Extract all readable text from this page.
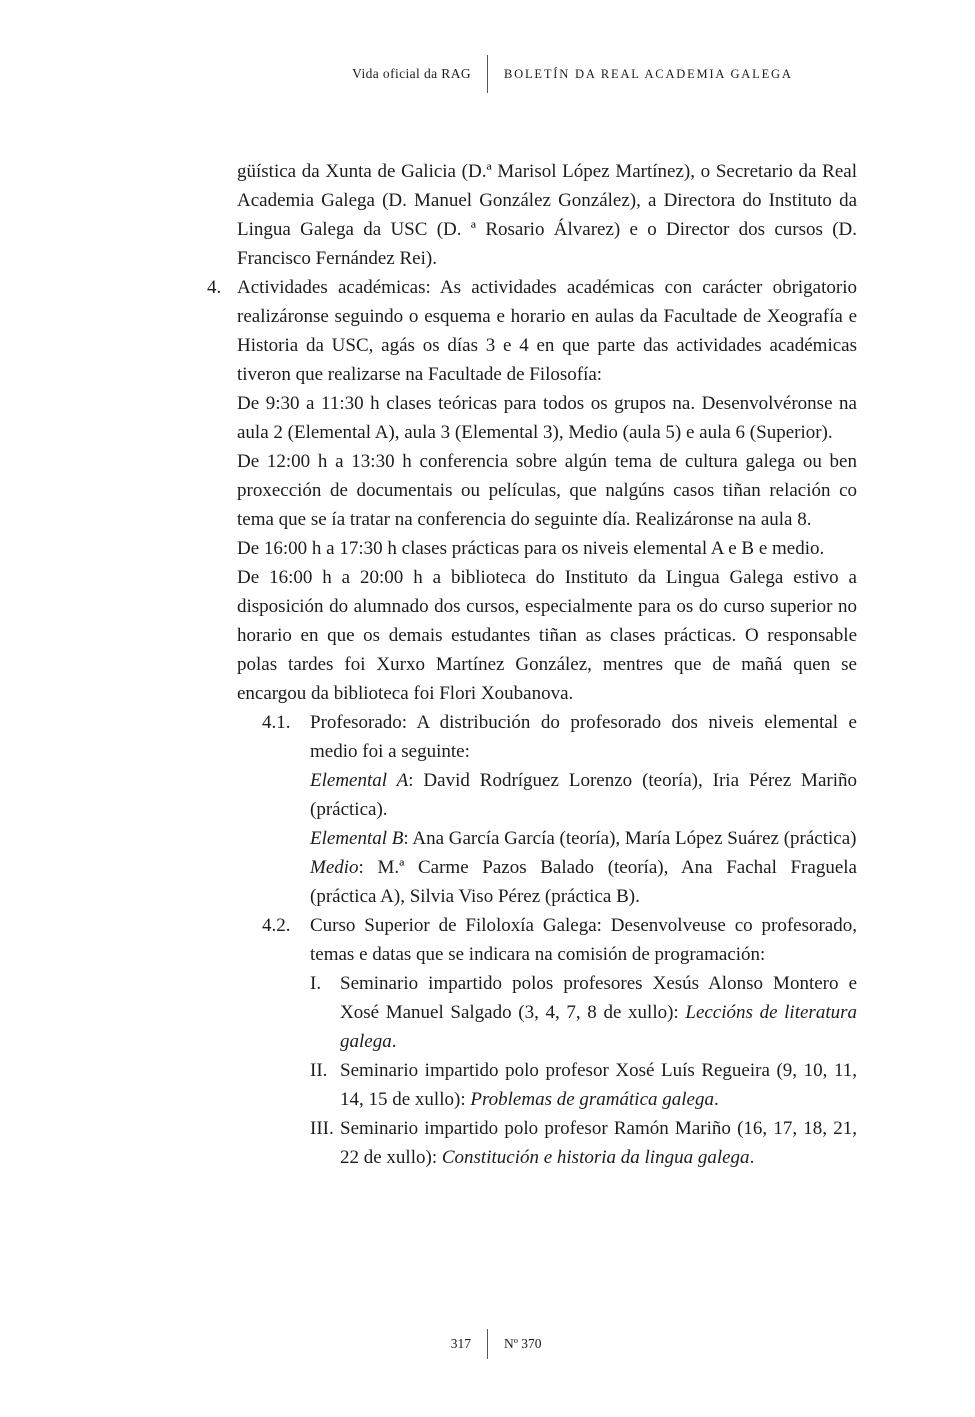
Vida oficial da RAG	BOLETÍN DA REAL ACADEMIA GALEGA

güística da Xunta de Galicia (D.ª Marisol López Martínez), o Secretario da Real Academia Galega (D. Manuel González González), a Directora do Instituto da Lingua Galega da USC (D. ª Rosario Álvarez) e o Director dos cursos (D. Francisco Fernández Rei).

4. Actividades académicas: As actividades académicas con carácter obrigatorio realizáronse seguindo o esquema e horario en aulas da Facultade de Xeografía e Historia da USC, agás os días 3 e 4 en que parte das actividades académicas tiveron que realizarse na Facultade de Filosofía:

De 9:30 a 11:30 h clases teóricas para todos os grupos na. Desenvolvéronse na aula 2 (Elemental A), aula 3 (Elemental 3), Medio (aula 5) e aula 6 (Superior).

De 12:00 h a 13:30 h conferencia sobre algún tema de cultura galega ou ben proxección de documentais ou películas, que nalgúns casos tiñan relación co tema que se ía tratar na conferencia do seguinte día. Realizáronse na aula 8.

De 16:00 h a 17:30 h clases prácticas para os niveis elemental A e B e medio.

De 16:00 h a 20:00 h a biblioteca do Instituto da Lingua Galega estivo a disposición do alumnado dos cursos, especialmente para os do curso superior no horario en que os demais estudantes tiñan as clases prácticas. O responsable polas tardes foi Xurxo Martínez González, mentres que de mañá quen se encargou da biblioteca foi Flori Xoubanova.

4.1. Profesorado: A distribución do profesorado dos niveis elemental e medio foi a seguinte:

Elemental A: David Rodríguez Lorenzo (teoría), Iria Pérez Mariño (práctica).

Elemental B: Ana García García (teoría), María López Suárez (práctica)

Medio: M.ª Carme Pazos Balado (teoría), Ana Fachal Fraguela (práctica A), Silvia Viso Pérez (práctica B).

4.2. Curso Superior de Filoloxía Galega: Desenvolveuse co profesorado, temas e datas que se indicara na comisión de programación:

I. Seminario impartido polos profesores Xesús Alonso Montero e Xosé Manuel Salgado (3, 4, 7, 8 de xullo): Leccións de literatura galega.

II. Seminario impartido polo profesor Xosé Luís Regueira (9, 10, 11, 14, 15 de xullo): Problemas de gramática galega.

III. Seminario impartido polo profesor Ramón Mariño (16, 17, 18, 21, 22 de xullo): Constitución e historia da lingua galega.

317	Nº 370
